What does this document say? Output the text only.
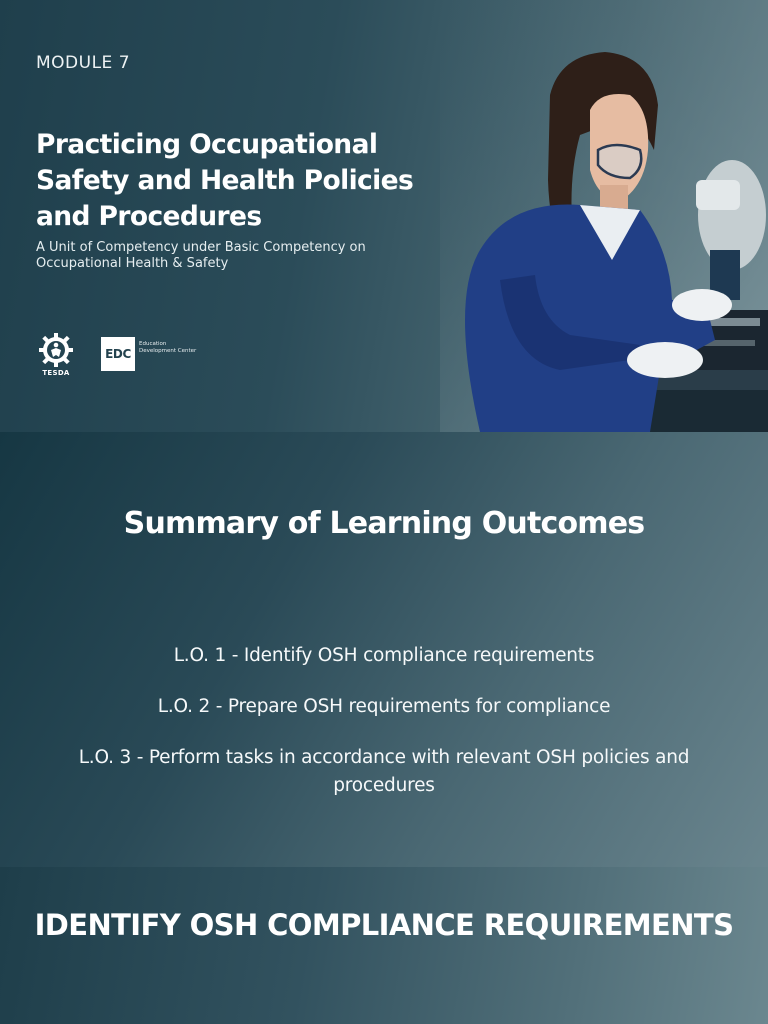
MODULE 7
Practicing Occupational Safety and Health Policies and Procedures

A Unit of Competency under Basic Competency on Occupational Health & Safety

TESDA
EDC
Education Development Center
Summary of Learning Outcomes

L.O. 1 - Identify OSH compliance requirements

L.O. 2 - Prepare OSH requirements for compliance

L.O. 3 - Perform tasks in accordance with relevant OSH policies and procedures

IDENTIFY OSH COMPLIANCE REQUIREMENTS
